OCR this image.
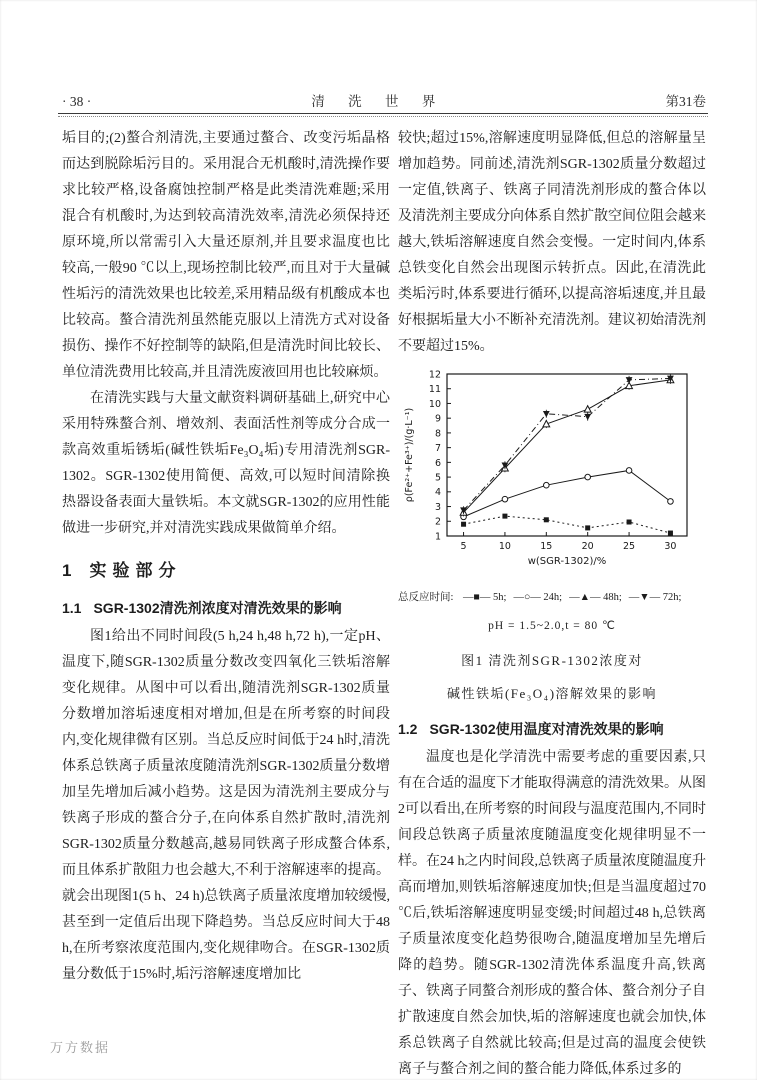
· 38 ·	清 洗 世 界	第31卷

垢目的;(2)螯合剂清洗,主要通过螯合、改变污垢晶格而达到脱除垢污目的。采用混合无机酸时,清洗操作要求比较严格,设备腐蚀控制严格是此类清洗难题;采用混合有机酸时,为达到较高清洗效率,清洗必须保持还原环境,所以常需引入大量还原剂,并且要求温度也比较高,一般90 ℃以上,现场控制比较严,而且对于大量碱性垢污的清洗效果也比较差,采用精品级有机酸成本也比较高。螯合清洗剂虽然能克服以上清洗方式对设备损伤、操作不好控制等的缺陷,但是清洗时间比较长、单位清洗费用比较高,并且清洗废液回用也比较麻烦。

在清洗实践与大量文献资料调研基础上,研究中心采用特殊螯合剂、增效剂、表面活性剂等成分合成一款高效重垢锈垢(碱性铁垢Fe₃O₄垢)专用清洗剂SGR-1302。SGR-1302使用简便、高效,可以短时间清除换热器设备表面大量铁垢。本文就SGR-1302的应用性能做进一步研究,并对清洗实践成果做简单介绍。

1 实验部分
1.1 SGR-1302清洗剂浓度对清洗效果的影响

图1给出不同时间段(5 h,24 h,48 h,72 h),一定pH、温度下,随SGR-1302质量分数改变四氧化三铁垢溶解变化规律。从图中可以看出,随清洗剂SGR-1302质量分数增加溶垢速度相对增加,但是在所考察的时间段内,变化规律微有区别。当总反应时间低于24 h时,清洗体系总铁离子质量浓度随清洗剂SGR-1302质量分数增加呈先增加后减小趋势。这是因为清洗剂主要成分与铁离子形成的螯合分子,在向体系自然扩散时,清洗剂SGR-1302质量分数越高,越易同铁离子形成螯合体系,而且体系扩散阻力也会越大,不利于溶解速率的提高。就会出现图1(5 h、24 h)总铁离子质量浓度增加较缓慢,甚至到一定值后出现下降趋势。当总反应时间大于48 h,在所考察浓度范围内,变化规律吻合。在SGR-1302质量分数低于15%时,垢污溶解速度增加比

较快;超过15%,溶解速度明显降低,但总的溶解量呈增加趋势。同前述,清洗剂SGR-1302质量分数超过一定值,铁离子、铁离子同清洗剂形成的螯合体以及清洗剂主要成分向体系自然扩散空间位阻会越来越大,铁垢溶解速度自然会变慢。一定时间内,体系总铁变化自然会出现图示转折点。因此,在清洗此类垢污时,体系要进行循环,以提高溶垢速度,并且最好根据垢量大小不断补充清洗剂。建议初始清洗剂不要超过15%。

1
2
3
4
5
6
7
8
9
10
11
12
5	10	15	20	25	30
w(SGR-1302)/%
ρ(Fe²⁺+Fe³⁺)/(g·L⁻¹)
总反应时间: —■— 5h; —○— 24h; —▲— 48h; —▼— 72h;
pH = 1.5~2.0,t = 80 ℃
图1 清洗剂SGR-1302浓度对
碱性铁垢(Fe₃O₄)溶解效果的影响
1.2 SGR-1302使用温度对清洗效果的影响

温度也是化学清洗中需要考虑的重要因素,只有在合适的温度下才能取得满意的清洗效果。从图2可以看出,在所考察的时间段与温度范围内,不同时间段总铁离子质量浓度随温度变化规律明显不一样。在24 h之内时间段,总铁离子质量浓度随温度升高而增加,则铁垢溶解速度加快;但是当温度超过70 ℃后,铁垢溶解速度明显变缓;时间超过48 h,总铁离子质量浓度变化趋势很吻合,随温度增加呈先增后降的趋势。随SGR-1302清洗体系温度升高,铁离子、铁离子同螯合剂形成的螯合体、螯合剂分子自扩散速度自然会加快,垢的溶解速度也就会加快,体系总铁离子自然就比较高;但是过高的温度会使铁离子与螯合剂之间的螯合能力降低,体系过多的

万方数据
